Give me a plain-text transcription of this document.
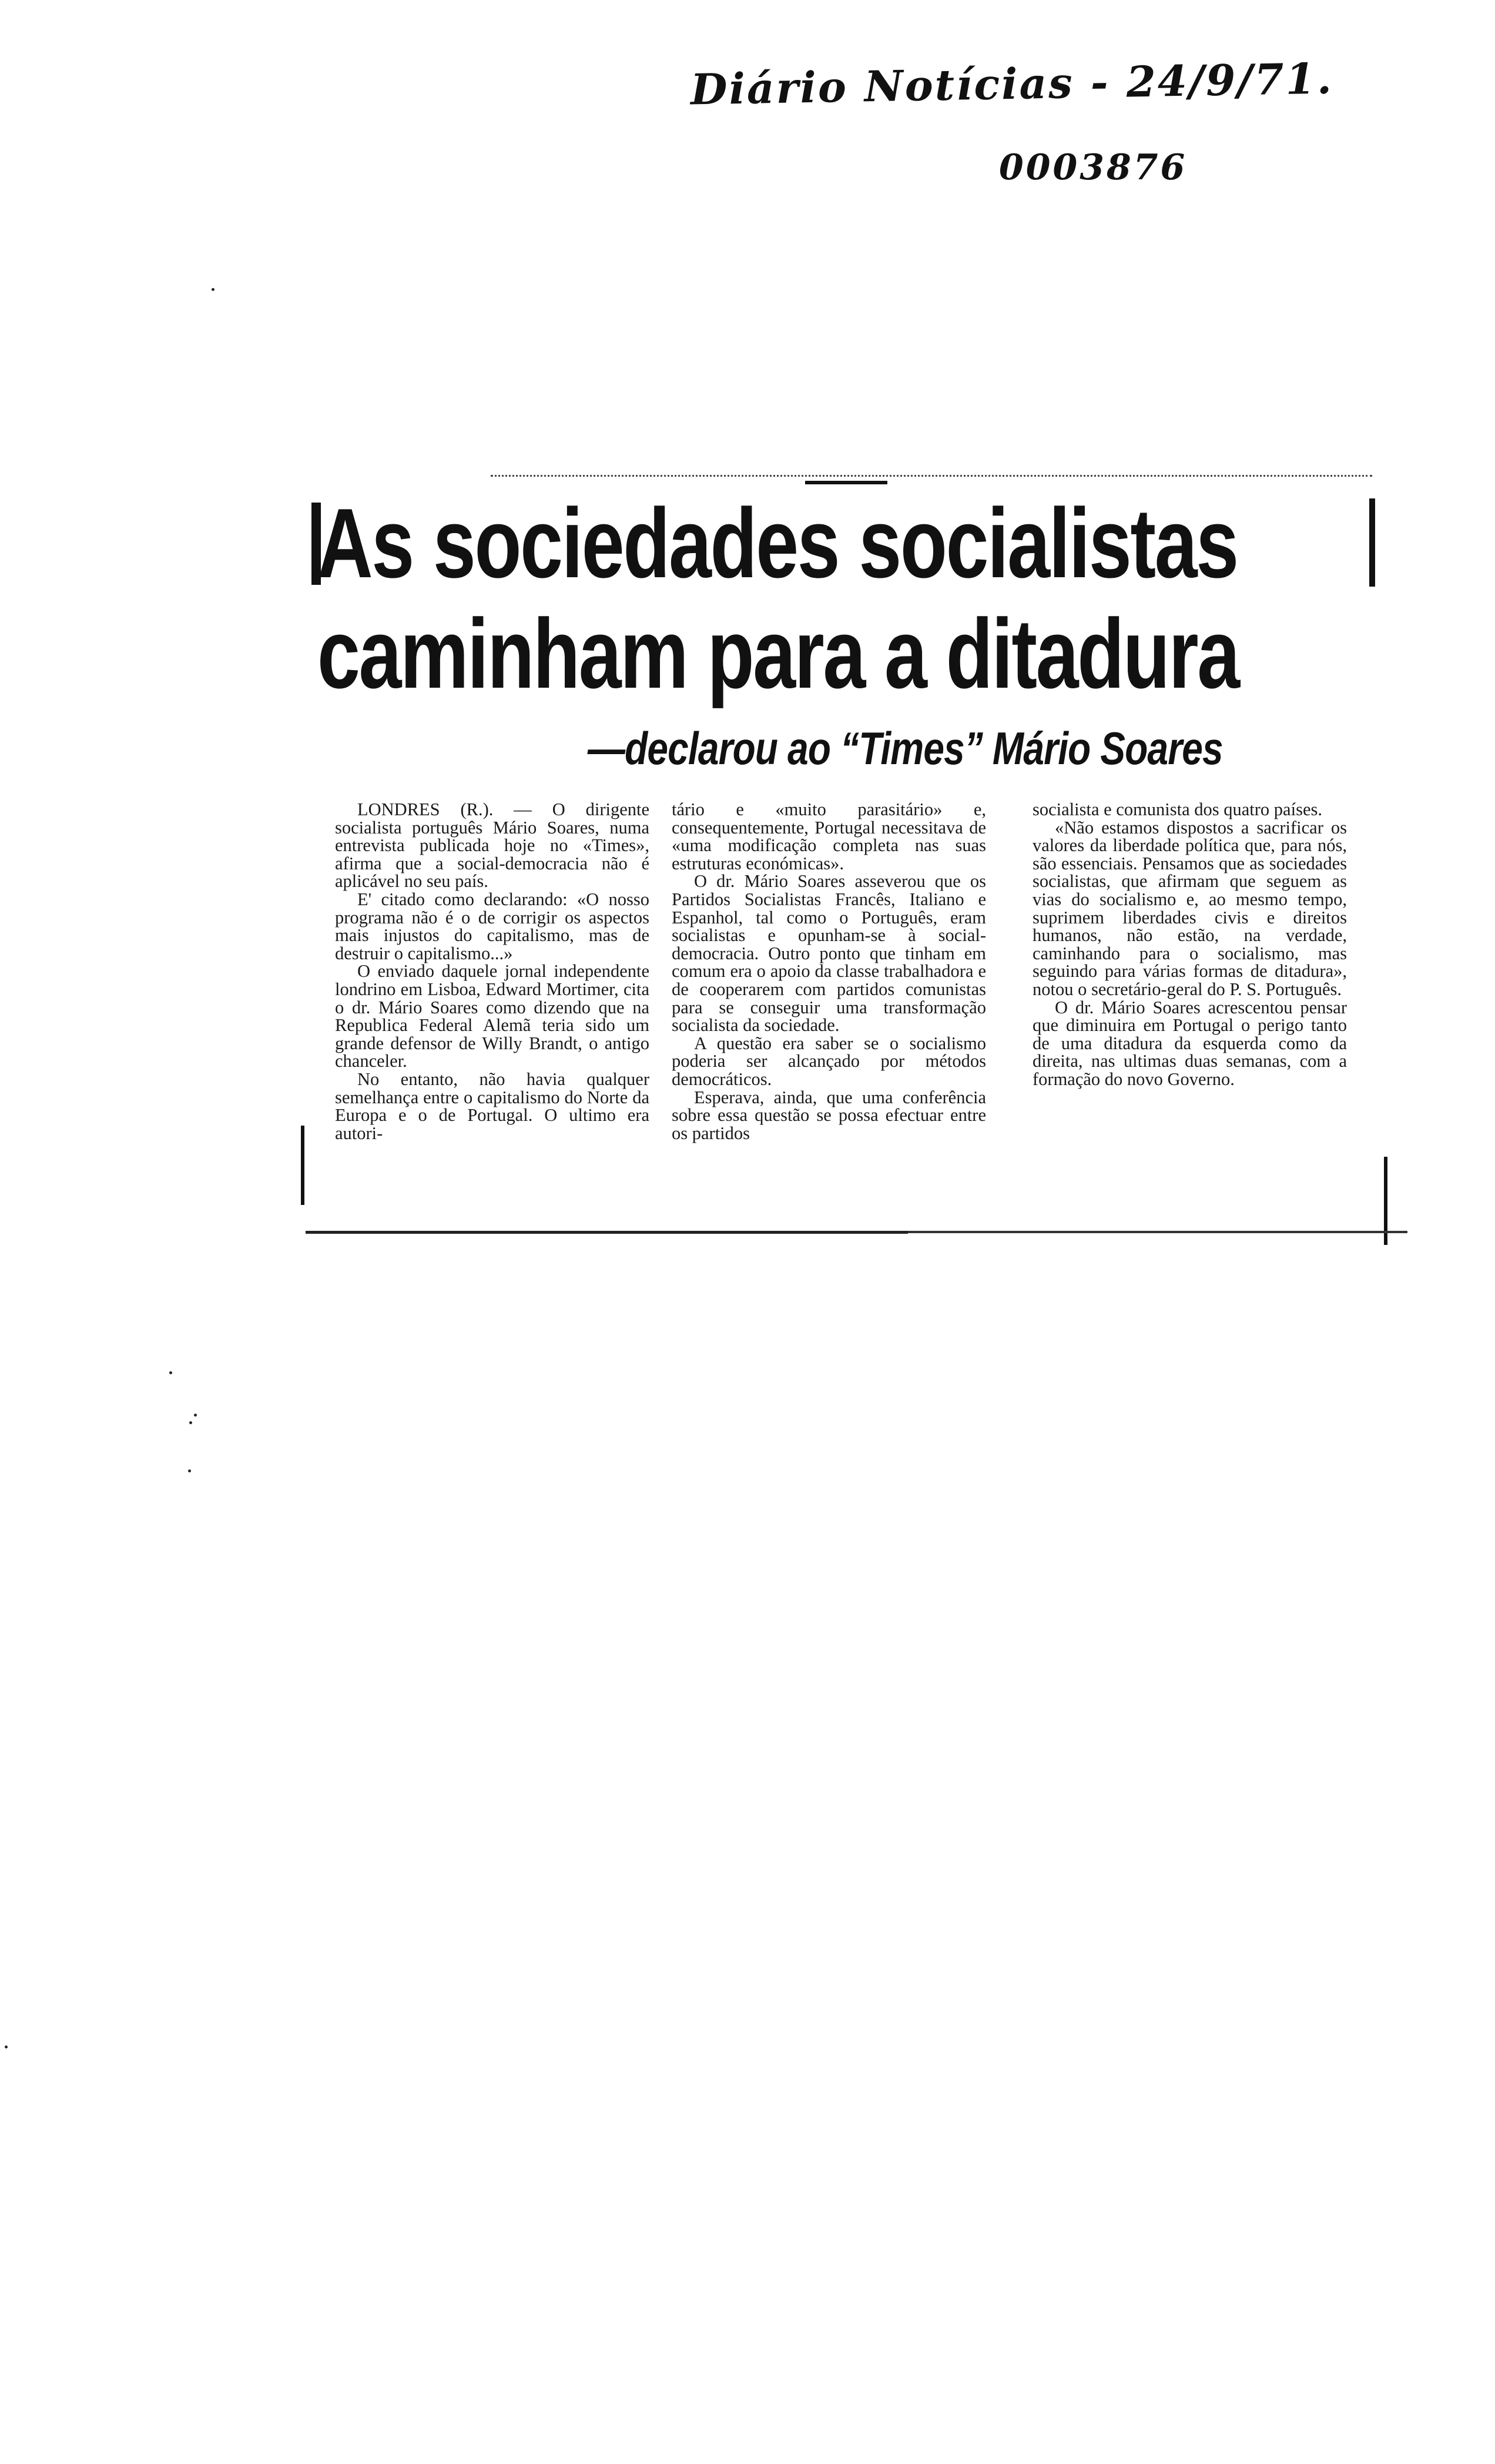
Diário Notícias - 24/9/71.
0003876
As sociedades socialistas
caminham para a ditadura
—declarou ao “Times” Mário Soares

LONDRES (R.). — O dirigente socialista português Mário Soares, numa entrevista publicada hoje no «Times», afirma que a social-democracia não é aplicável no seu país.

E' citado como declarando: «O nosso programa não é o de corrigir os aspectos mais injustos do capitalismo, mas de destruir o capitalismo...»

O enviado daquele jornal independente londrino em Lisboa, Edward Mortimer, cita o dr. Mário Soares como dizendo que na Republica Federal Alemã teria sido um grande defensor de Willy Brandt, o antigo chanceler.

No entanto, não havia qualquer semelhança entre o capitalismo do Norte da Europa e o de Portugal. O ultimo era autori-

tário e «muito parasitário» e, consequentemente, Portugal necessitava de «uma modificação completa nas suas estruturas económicas».

O dr. Mário Soares asseverou que os Partidos Socialistas Francês, Italiano e Espanhol, tal como o Português, eram socialistas e opunham-se à social-democracia. Outro ponto que tinham em comum era o apoio da classe trabalhadora e de cooperarem com partidos comunistas para se conseguir uma transformação socialista da sociedade.

A questão era saber se o socialismo poderia ser alcançado por métodos democráticos.

Esperava, ainda, que uma conferência sobre essa questão se possa efectuar entre os partidos

socialista e comunista dos quatro países.

«Não estamos dispostos a sacrificar os valores da liberdade política que, para nós, são essenciais. Pensamos que as sociedades socialistas, que afirmam que seguem as vias do socialismo e, ao mesmo tempo, suprimem liberdades civis e direitos humanos, não estão, na verdade, caminhando para o socialismo, mas seguindo para várias formas de ditadura», notou o secretário-geral do P. S. Português.

O dr. Mário Soares acrescentou pensar que diminuira em Portugal o perigo tanto de uma ditadura da esquerda como da direita, nas ultimas duas semanas, com a formação do novo Governo.
